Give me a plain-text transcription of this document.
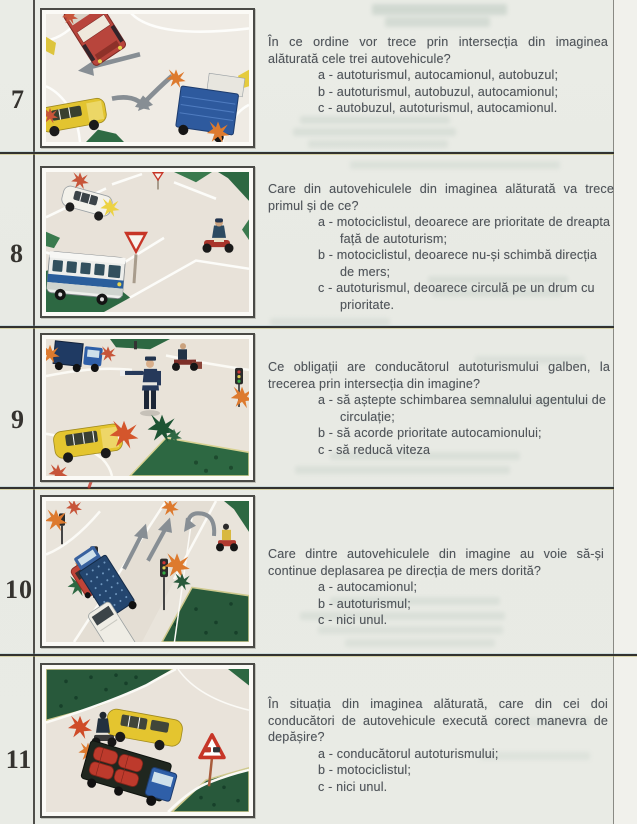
7

În ce ordine vor trece prin intersecția din imaginea alăturată cele trei autovehicule?

a - autoturismul, autocamionul, autobuzul;

b - autoturismul, autobuzul, autocamionul;

c - autobuzul, autoturismul, autocamionul.

8

Care din autovehiculele din imaginea alăturată va trece primul și de ce?

a - motociclistul, deoarece are prioritate de dreapta față de autoturism;

b - motociclistul, deoarece nu-și schimbă direcția de mers;

c - autoturismul, deoarece circulă pe un drum cu prioritate.

9

Ce obligații are conducătorul autoturismului galben, la trecerea prin intersecția din imagine?

a - să aștepte schimbarea semnalului agentului de circulație;

b - să acorde prioritate autocamionului;

c - să reducă viteza

10

Care dintre autovehiculele din imagine au voie să-și continue deplasarea pe direcția de mers dorită?

a - autocamionul;

b - autoturismul;

c - nici unul.

11

În situația din imaginea alăturată, care din cei doi conducători de autovehicule execută corect manevra de depășire?

a - conducătorul autoturismului;

b - motociclistul;

c - nici unul.
